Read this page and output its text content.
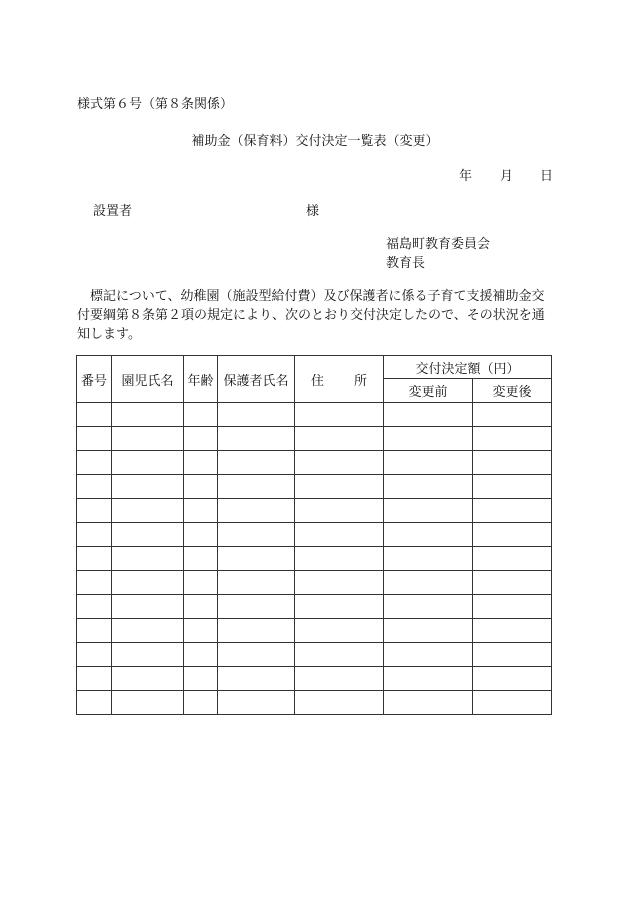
様式第６号（第８条関係）
補助金（保育料）交付決定一覧表（変更）
年 月 日
設置者	様
福島町教育委員会
教育長
　標記について、幼稚園（施設型給付費）及び保護者に係る子育て支援補助金交付要綱第８条第２項の規定により、次のとおり交付決定したので、その状況を通知します。
番号	園児氏名	年齢	保護者氏名	住 所	交付決定額（円）	
					変更前	変更後
